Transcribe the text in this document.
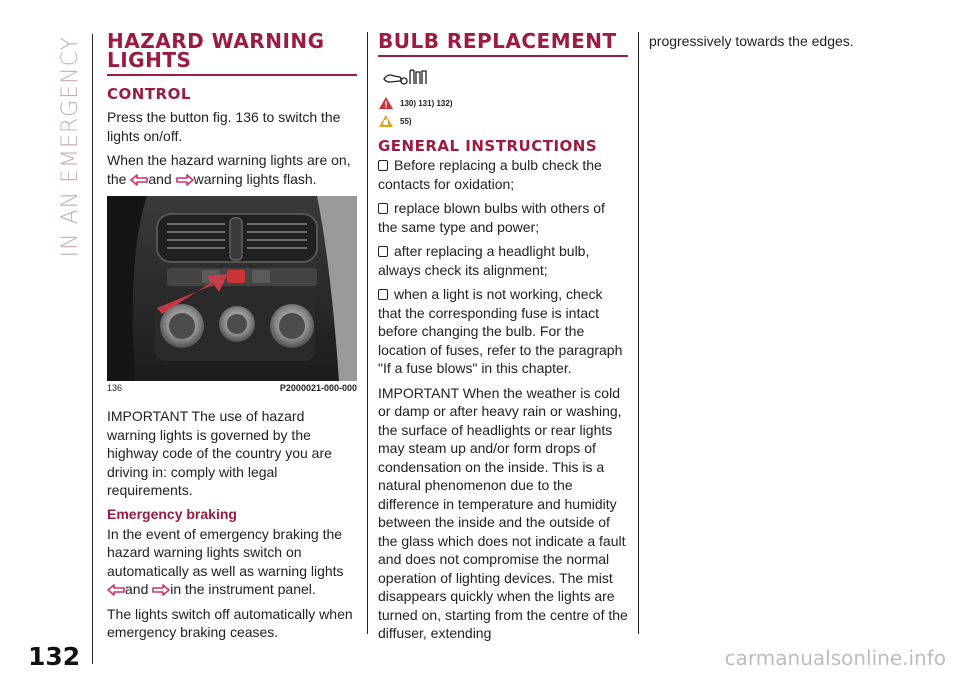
IN AN EMERGENCY
132
HAZARD WARNING LIGHTS
CONTROL

Press the button fig. 136 to switch the lights on/off.

When the hazard warning lights are on, the and warning lights flash.

136	P2000021-000-000

IMPORTANT The use of hazard warning lights is governed by the highway code of the country you are driving in: comply with legal requirements.

Emergency braking

In the event of emergency braking the hazard warning lights switch on automatically as well as warning lights
and in the instrument panel.

The lights switch off automatically when emergency braking ceases.

BULB REPLACEMENT
130) 131) 132)
55)
GENERAL INSTRUCTIONS

Before replacing a bulb check the contacts for oxidation;

replace blown bulbs with others of the same type and power;

after replacing a headlight bulb, always check its alignment;

when a light is not working, check that the corresponding fuse is intact before changing the bulb. For the location of fuses, refer to the paragraph "If a fuse blows" in this chapter.

IMPORTANT When the weather is cold or damp or after heavy rain or washing, the surface of headlights or rear lights may steam up and/or form drops of condensation on the inside. This is a natural phenomenon due to the difference in temperature and humidity between the inside and the outside of the glass which does not indicate a fault and does not compromise the normal operation of lighting devices. The mist disappears quickly when the lights are turned on, starting from the centre of the diffuser, extending

progressively towards the edges.

carmanualsonline.info
